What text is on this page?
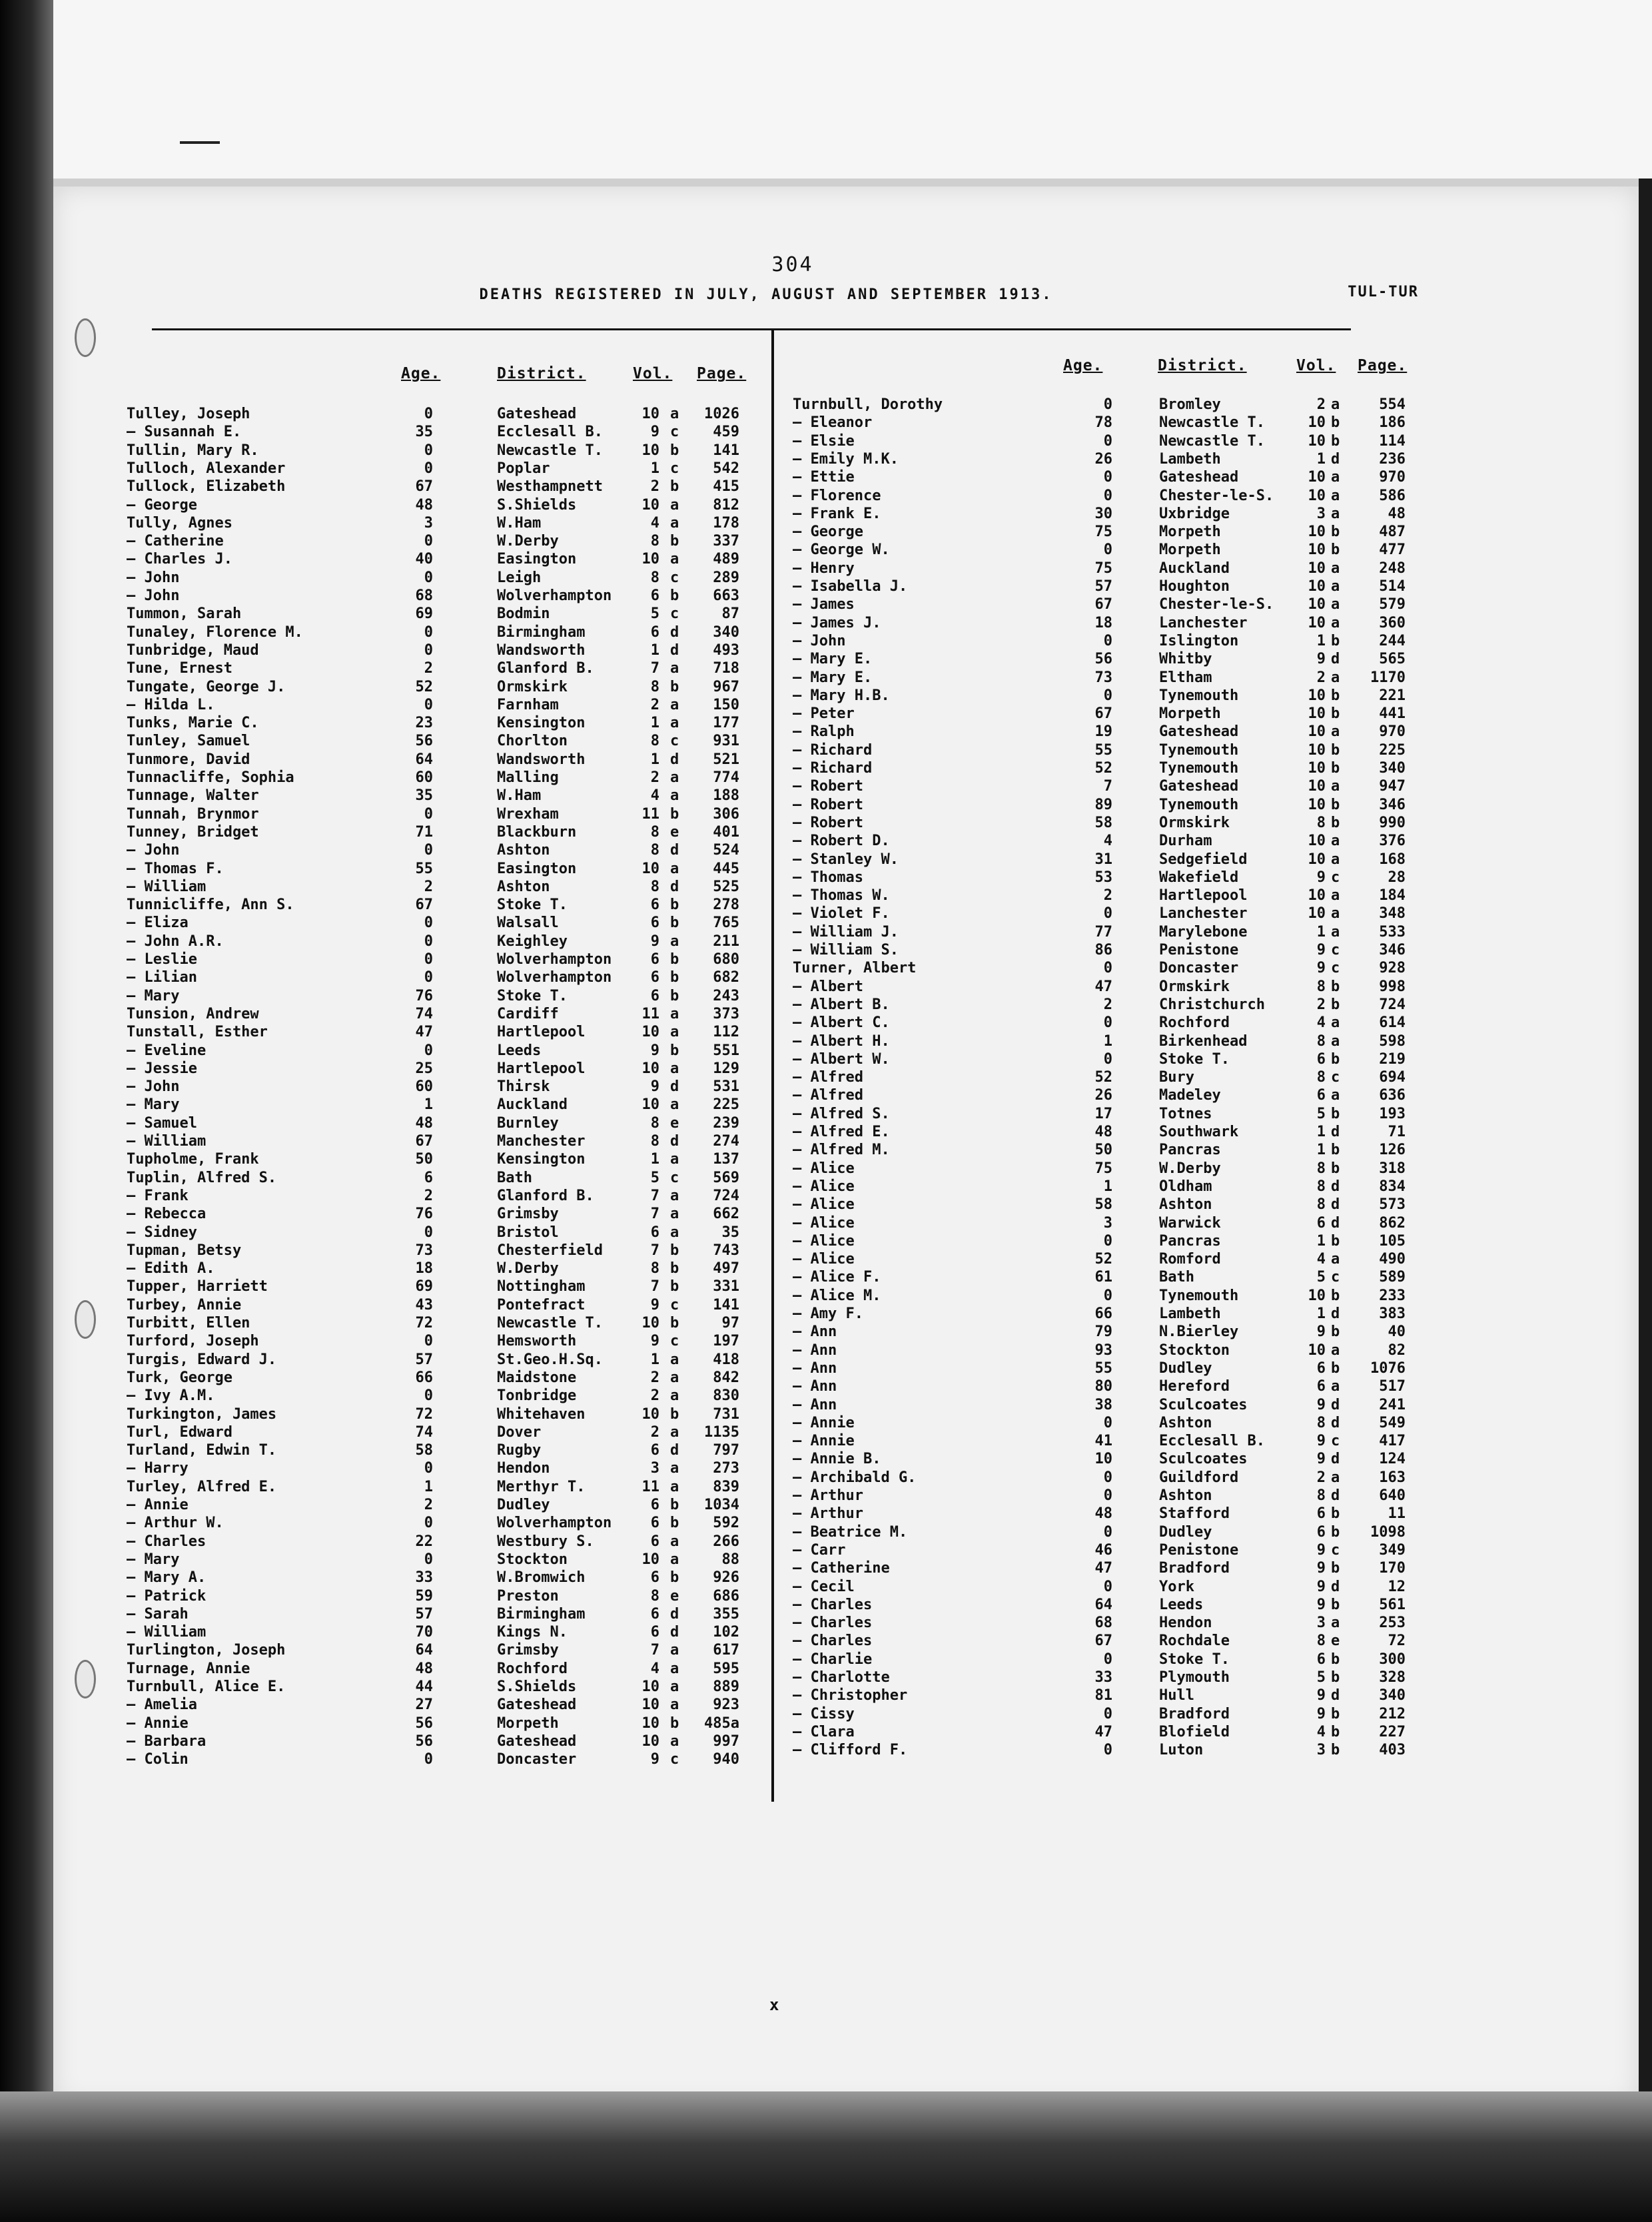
304
DEATHS REGISTERED IN JULY, AUGUST AND SEPTEMBER 1913.	TUL-TUR
Age.	District.	Vol. Page.	Age.	District.	Vol. Page.
Tulley, Joseph	0	Gateshead	10 a	1026
— Susannah E.	35	Ecclesall B.	9 c	459
Tullin, Mary R.	0	Newcastle T.	10 b	141
Tulloch, Alexander	0	Poplar	1 c	542
Tullock, Elizabeth	67	Westhampnett	2 b	415
— George	48	S.Shields	10 a	812
Tully, Agnes	3	W.Ham	4 a	178
— Catherine	0	W.Derby	8 b	337
— Charles J.	40	Easington	10 a	489
— John	0	Leigh	8 c	289
— John	68	Wolverhampton	6 b	663
Tummon, Sarah	69	Bodmin	5 c	87
Tunaley, Florence M.	0	Birmingham	6 d	340
Tunbridge, Maud	0	Wandsworth	1 d	493
Tune, Ernest	2	Glanford B.	7 a	718
Tungate, George J.	52	Ormskirk	8 b	967
— Hilda L.	0	Farnham	2 a	150
Tunks, Marie C.	23	Kensington	1 a	177
Tunley, Samuel	56	Chorlton	8 c	931
Tunmore, David	64	Wandsworth	1 d	521
Tunnacliffe, Sophia	60	Malling	2 a	774
Tunnage, Walter	35	W.Ham	4 a	188
Tunnah, Brynmor	0	Wrexham	11 b	306
Tunney, Bridget	71	Blackburn	8 e	401
— John	0	Ashton	8 d	524
— Thomas F.	55	Easington	10 a	445
— William	2	Ashton	8 d	525
Tunnicliffe, Ann S.	67	Stoke T.	6 b	278
— Eliza	0	Walsall	6 b	765
— John A.R.	0	Keighley	9 a	211
— Leslie	0	Wolverhampton	6 b	680
— Lilian	0	Wolverhampton	6 b	682
— Mary	76	Stoke T.	6 b	243
Tunsion, Andrew	74	Cardiff	11 a	373
Tunstall, Esther	47	Hartlepool	10 a	112
— Eveline	0	Leeds	9 b	551
— Jessie	25	Hartlepool	10 a	129
— John	60	Thirsk	9 d	531
— Mary	1	Auckland	10 a	225
— Samuel	48	Burnley	8 e	239
— William	67	Manchester	8 d	274
Tupholme, Frank	50	Kensington	1 a	137
Tuplin, Alfred S.	6	Bath	5 c	569
— Frank	2	Glanford B.	7 a	724
— Rebecca	76	Grimsby	7 a	662
— Sidney	0	Bristol	6 a	35
Tupman, Betsy	73	Chesterfield	7 b	743
— Edith A.	18	W.Derby	8 b	497
Tupper, Harriett	69	Nottingham	7 b	331
Turbey, Annie	43	Pontefract	9 c	141
Turbitt, Ellen	72	Newcastle T.	10 b	97
Turford, Joseph	0	Hemsworth	9 c	197
Turgis, Edward J.	57	St.Geo.H.Sq.	1 a	418
Turk, George	66	Maidstone	2 a	842
— Ivy A.M.	0	Tonbridge	2 a	830
Turkington, James	72	Whitehaven	10 b	731
Turl, Edward	74	Dover	2 a	1135
Turland, Edwin T.	58	Rugby	6 d	797
— Harry	0	Hendon	3 a	273
Turley, Alfred E.	1	Merthyr T.	11 a	839
— Annie	2	Dudley	6 b	1034
— Arthur W.	0	Wolverhampton	6 b	592
— Charles	22	Westbury S.	6 a	266
— Mary	0	Stockton	10 a	88
— Mary A.	33	W.Bromwich	6 b	926
— Patrick	59	Preston	8 e	686
— Sarah	57	Birmingham	6 d	355
— William	70	Kings N.	6 d	102
Turlington, Joseph	64	Grimsby	7 a	617
Turnage, Annie	48	Rochford	4 a	595
Turnbull, Alice E.	44	S.Shields	10 a	889
— Amelia	27	Gateshead	10 a	923
— Annie	56	Morpeth	10 b	485a
— Barbara	56	Gateshead	10 a	997
— Colin	0	Doncaster	9 c	940
Turnbull, Dorothy	0	Bromley	2 a	554
— Eleanor	78	Newcastle T.	10 b	186
— Elsie	0	Newcastle T.	10 b	114
— Emily M.K.	26	Lambeth	1 d	236
— Ettie	0	Gateshead	10 a	970
— Florence	0	Chester-le-S.	10 a	586
— Frank E.	30	Uxbridge	3 a	48
— George	75	Morpeth	10 b	487
— George W.	0	Morpeth	10 b	477
— Henry	75	Auckland	10 a	248
— Isabella J.	57	Houghton	10 a	514
— James	67	Chester-le-S.	10 a	579
— James J.	18	Lanchester	10 a	360
— John	0	Islington	1 b	244
— Mary E.	56	Whitby	9 d	565
— Mary E.	73	Eltham	2 a	1170
— Mary H.B.	0	Tynemouth	10 b	221
— Peter	67	Morpeth	10 b	441
— Ralph	19	Gateshead	10 a	970
— Richard	55	Tynemouth	10 b	225
— Richard	52	Tynemouth	10 b	340
— Robert	7	Gateshead	10 a	947
— Robert	89	Tynemouth	10 b	346
— Robert	58	Ormskirk	8 b	990
— Robert D.	4	Durham	10 a	376
— Stanley W.	31	Sedgefield	10 a	168
— Thomas	53	Wakefield	9 c	28
— Thomas W.	2	Hartlepool	10 a	184
— Violet F.	0	Lanchester	10 a	348
— William J.	77	Marylebone	1 a	533
— William S.	86	Penistone	9 c	346
Turner, Albert	0	Doncaster	9 c	928
— Albert	47	Ormskirk	8 b	998
— Albert B.	2	Christchurch	2 b	724
— Albert C.	0	Rochford	4 a	614
— Albert H.	1	Birkenhead	8 a	598
— Albert W.	0	Stoke T.	6 b	219
— Alfred	52	Bury	8 c	694
— Alfred	26	Madeley	6 a	636
— Alfred S.	17	Totnes	5 b	193
— Alfred E.	48	Southwark	1 d	71
— Alfred M.	50	Pancras	1 b	126
— Alice	75	W.Derby	8 b	318
— Alice	1	Oldham	8 d	834
— Alice	58	Ashton	8 d	573
— Alice	3	Warwick	6 d	862
— Alice	0	Pancras	1 b	105
— Alice	52	Romford	4 a	490
— Alice F.	61	Bath	5 c	589
— Alice M.	0	Tynemouth	10 b	233
— Amy F.	66	Lambeth	1 d	383
— Ann	79	N.Bierley	9 b	40
— Ann	93	Stockton	10 a	82
— Ann	55	Dudley	6 b	1076
— Ann	80	Hereford	6 a	517
— Ann	38	Sculcoates	9 d	241
— Annie	0	Ashton	8 d	549
— Annie	41	Ecclesall B.	9 c	417
— Annie B.	10	Sculcoates	9 d	124
— Archibald G.	0	Guildford	2 a	163
— Arthur	0	Ashton	8 d	640
— Arthur	48	Stafford	6 b	11
— Beatrice M.	0	Dudley	6 b	1098
— Carr	46	Penistone	9 c	349
— Catherine	47	Bradford	9 b	170
— Cecil	0	York	9 d	12
— Charles	64	Leeds	9 b	561
— Charles	68	Hendon	3 a	253
— Charles	67	Rochdale	8 e	72
— Charlie	0	Stoke T.	6 b	300
— Charlotte	33	Plymouth	5 b	328
— Christopher	81	Hull	9 d	340
— Cissy	0	Bradford	9 b	212
— Clara	47	Blofield	4 b	227
— Clifford F.	0	Luton	3 b	403
x
